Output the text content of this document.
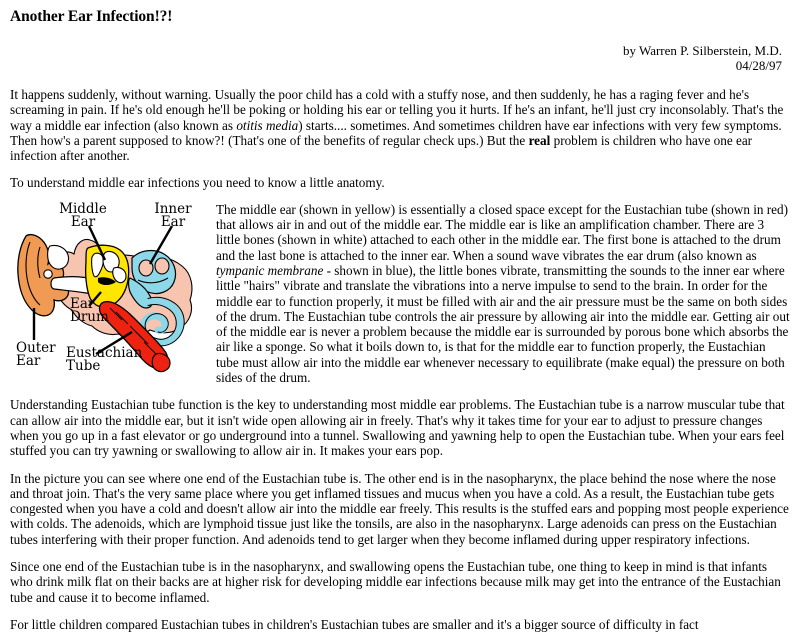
Another Ear Infection!?!
by Warren P. Silberstein, M.D.
04/28/97

It happens suddenly, without warning. Usually the poor child has a cold with a stuffy nose, and then suddenly, he has a raging fever and he's screaming in pain. If he's old enough he'll be poking or holding his ear or telling you it hurts. If he's an infant, he'll just cry inconsolably. That's the way a middle ear infection (also known as otitis media) starts.... sometimes. And sometimes children have ear infections with very few symptoms. Then how's a parent supposed to know?! (That's one of the benefits of regular check ups.) But the real problem is children who have one ear infection after another.

To understand middle ear infections you need to know a little anatomy.

Middle
Ear
Inner
Ear
Ear
Drum
Outer
Ear Eustachian
Tube

The middle ear (shown in yellow) is essentially a closed space except for the Eustachian tube (shown in red) that allows air in and out of the middle ear. The middle ear is like an amplification chamber. There are 3 little bones (shown in white) attached to each other in the middle ear. The first bone is attached to the drum and the last bone is attached to the inner ear. When a sound wave vibrates the ear drum (also known as tympanic membrane - shown in blue), the little bones vibrate, transmitting the sounds to the inner ear where little "hairs" vibrate and translate the vibrations into a nerve impulse to send to the brain. In order for the middle ear to function properly, it must be filled with air and the air pressure must be the same on both sides of the drum. The Eustachian tube controls the air pressure by allowing air into the middle ear. Getting air out of the middle ear is never a problem because the middle ear is surrounded by porous bone which absorbs the air like a sponge. So what it boils down to, is that for the middle ear to function properly, the Eustachian tube must allow air into the middle ear whenever necessary to equilibrate (make equal) the pressure on both sides of the drum.

Understanding Eustachian tube function is the key to understanding most middle ear problems. The Eustachian tube is a narrow muscular tube that can allow air into the middle ear, but it isn't wide open allowing air in freely. That's why it takes time for your ear to adjust to pressure changes when you go up in a fast elevator or go underground into a tunnel. Swallowing and yawning help to open the Eustachian tube. When your ears feel stuffed you can try yawning or swallowing to allow air in. It makes your ears pop.

In the picture you can see where one end of the Eustachian tube is. The other end is in the nasopharynx, the place behind the nose where the nose and throat join. That's the very same place where you get inflamed tissues and mucus when you have a cold. As a result, the Eustachian tube gets congested when you have a cold and doesn't allow air into the middle ear freely. This results is the stuffed ears and popping most people experience with colds. The adenoids, which are lymphoid tissue just like the tonsils, are also in the nasopharynx. Large adenoids can press on the Eustachian tubes interfering with their proper function. And adenoids tend to get larger when they become inflamed during upper respiratory infections.

Since one end of the Eustachian tube is in the nasopharynx, and swallowing opens the Eustachian tube, one thing to keep in mind is that infants who drink milk flat on their backs are at higher risk for developing middle ear infections because milk may get into the entrance of the Eustachian tube and cause it to become inflamed.

For little children compared Eustachian tubes in children's Eustachian tubes are smaller and it's a bigger source of difficulty in fact
